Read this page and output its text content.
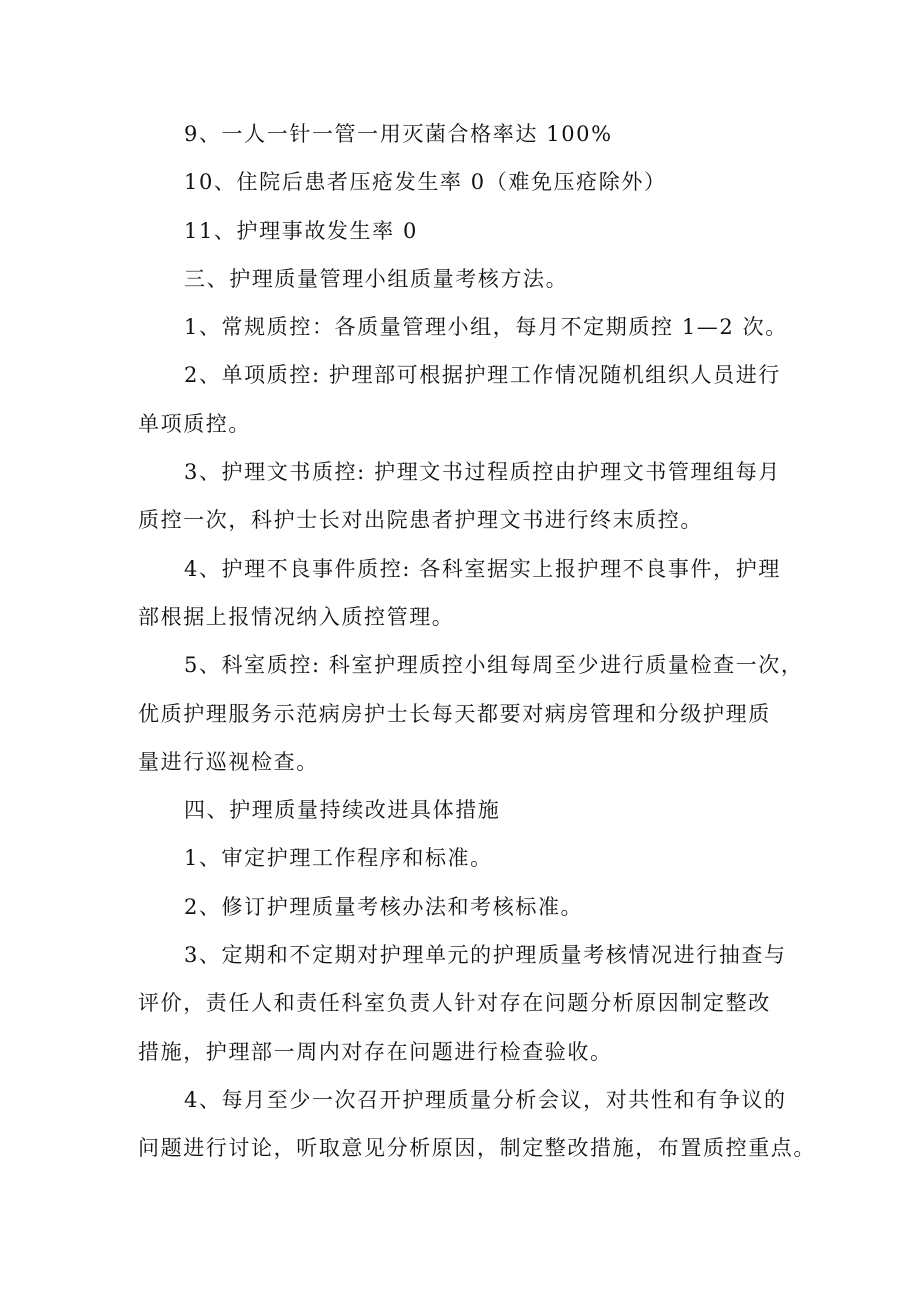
9、一人一针一管一用灭菌合格率达 100%

10、住院后患者压疮发生率 0（难免压疮除外）

11、护理事故发生率 0

三、护理质量管理小组质量考核方法。

1、常规质控：各质量管理小组，每月不定期质控 1—2 次。

2、单项质控: 护理部可根据护理工作情况随机组织人员进行
单项质控。

3、护理文书质控: 护理文书过程质控由护理文书管理组每月
质控一次，科护士长对出院患者护理文书进行终末质控。

4、护理不良事件质控: 各科室据实上报护理不良事件，护理
部根据上报情况纳入质控管理。

5、科室质控: 科室护理质控小组每周至少进行质量检查一次，
优质护理服务示范病房护士长每天都要对病房管理和分级护理质
量进行巡视检查。

四、护理质量持续改进具体措施

1、审定护理工作程序和标准。

2、修订护理质量考核办法和考核标准。

3、定期和不定期对护理单元的护理质量考核情况进行抽查与
评价，责任人和责任科室负责人针对存在问题分析原因制定整改
措施，护理部一周内对存在问题进行检查验收。

4、每月至少一次召开护理质量分析会议，对共性和有争议的
问题进行讨论，听取意见分析原因，制定整改措施，布置质控重点。
